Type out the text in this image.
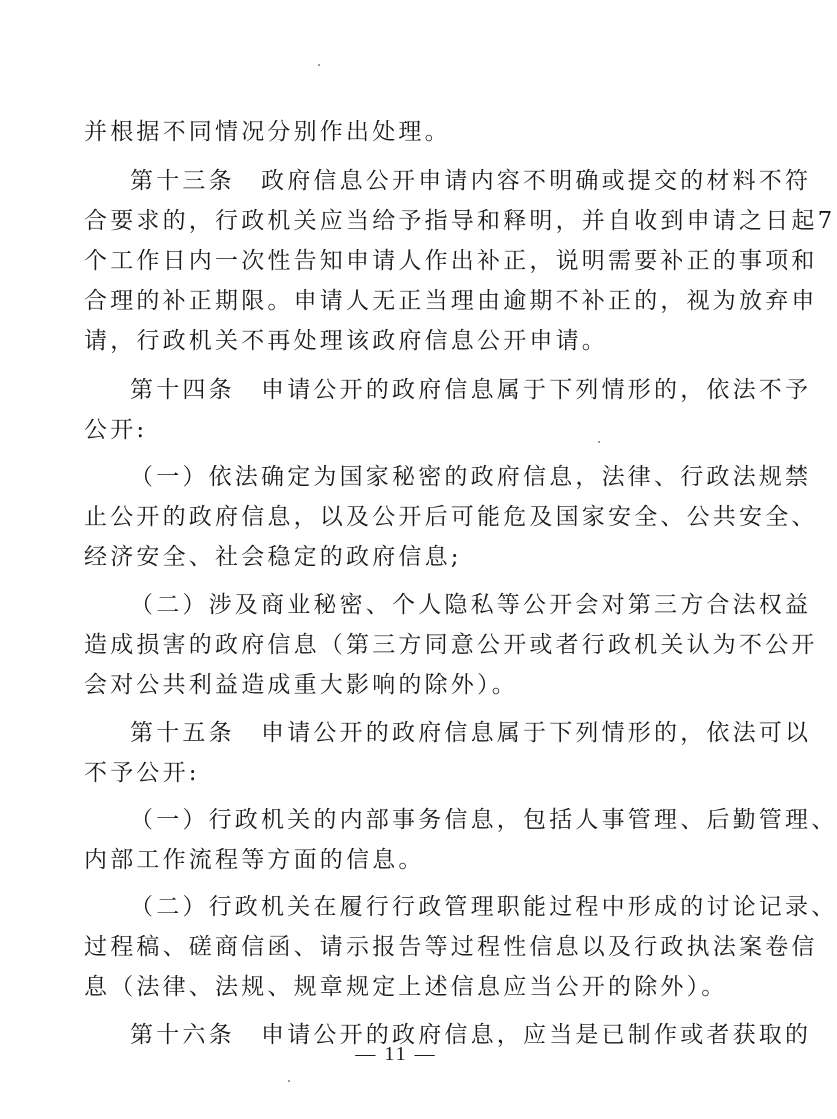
并根据不同情况分别作出处理。
第十三条　政府信息公开申请内容不明确或提交的材料不符
合要求的，行政机关应当给予指导和释明，并自收到申请之日起7
个工作日内一次性告知申请人作出补正，说明需要补正的事项和
合理的补正期限。申请人无正当理由逾期不补正的，视为放弃申
请，行政机关不再处理该政府信息公开申请。
第十四条　申请公开的政府信息属于下列情形的，依法不予
公开:
（一）依法确定为国家秘密的政府信息，法律、行政法规禁
止公开的政府信息，以及公开后可能危及国家安全、公共安全、
经济安全、社会稳定的政府信息;
（二）涉及商业秘密、个人隐私等公开会对第三方合法权益
造成损害的政府信息（第三方同意公开或者行政机关认为不公开
会对公共利益造成重大影响的除外）。
第十五条　申请公开的政府信息属于下列情形的，依法可以
不予公开:
（一）行政机关的内部事务信息，包括人事管理、后勤管理、
内部工作流程等方面的信息。
（二）行政机关在履行行政管理职能过程中形成的讨论记录、
过程稿、磋商信函、请示报告等过程性信息以及行政执法案卷信
息（法律、法规、规章规定上述信息应当公开的除外）。
第十六条　申请公开的政府信息，应当是已制作或者获取的
— 11 —
